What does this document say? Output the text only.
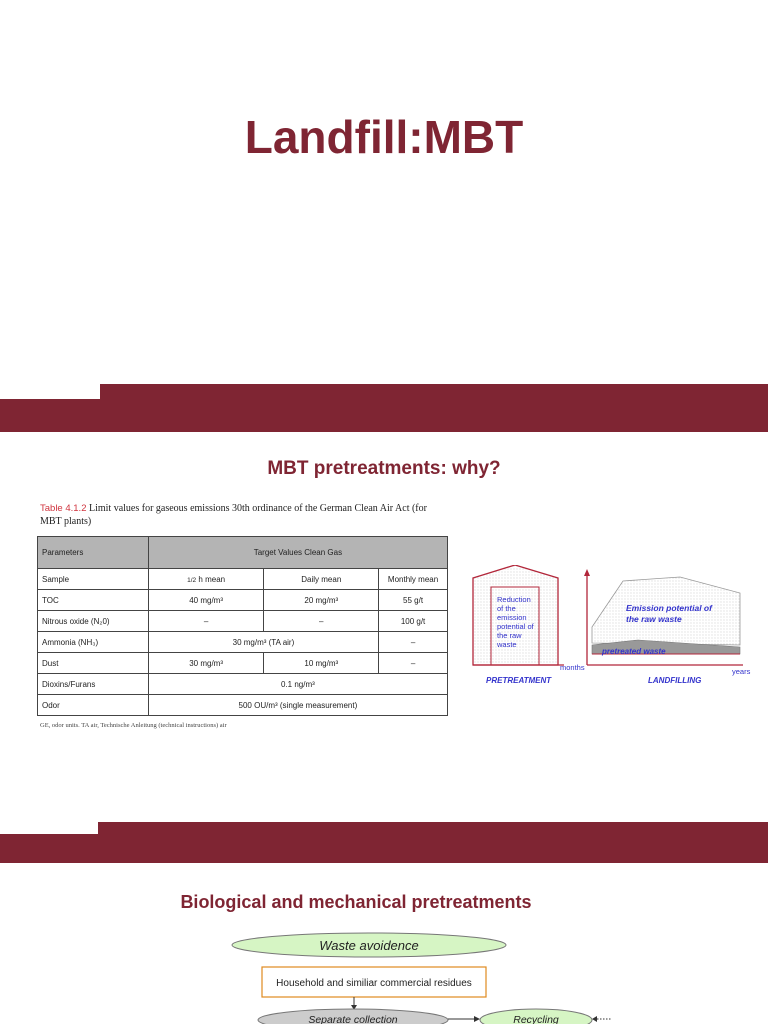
Landfill:MBT
MBT pretreatments: why?
Table 4.1.2 Limit values for gaseous emissions 30th ordinance of the German Clean Air Act (for MBT plants)
Parameters	Target Values Clean Gas		
Sample	1/2 h mean	Daily mean	Monthly mean
TOC	40 mg/m³	20 mg/m³	55 g/t
Nitrous oxide (N₂0)	–	–	100 g/t
Ammonia (NH₃)	30 mg/m³ (TA air)		–
Dust	30 mg/m³	10 mg/m³	–
Dioxins/Furans	0.1 ng/m³		
Odor	500 OU/m³ (single measurement)		
GE, odor units. TA air, Technische Anleitung (technical instructions) air
Reduction
of the
emission
potential of
the raw
waste
Emission potential of
the raw waste
pretreated waste
months	years
PRETREATMENT	LANDFILLING
Biological and mechanical pretreatments
Waste avoidence
Household and similiar commercial residues
Separate collection	Recycling
